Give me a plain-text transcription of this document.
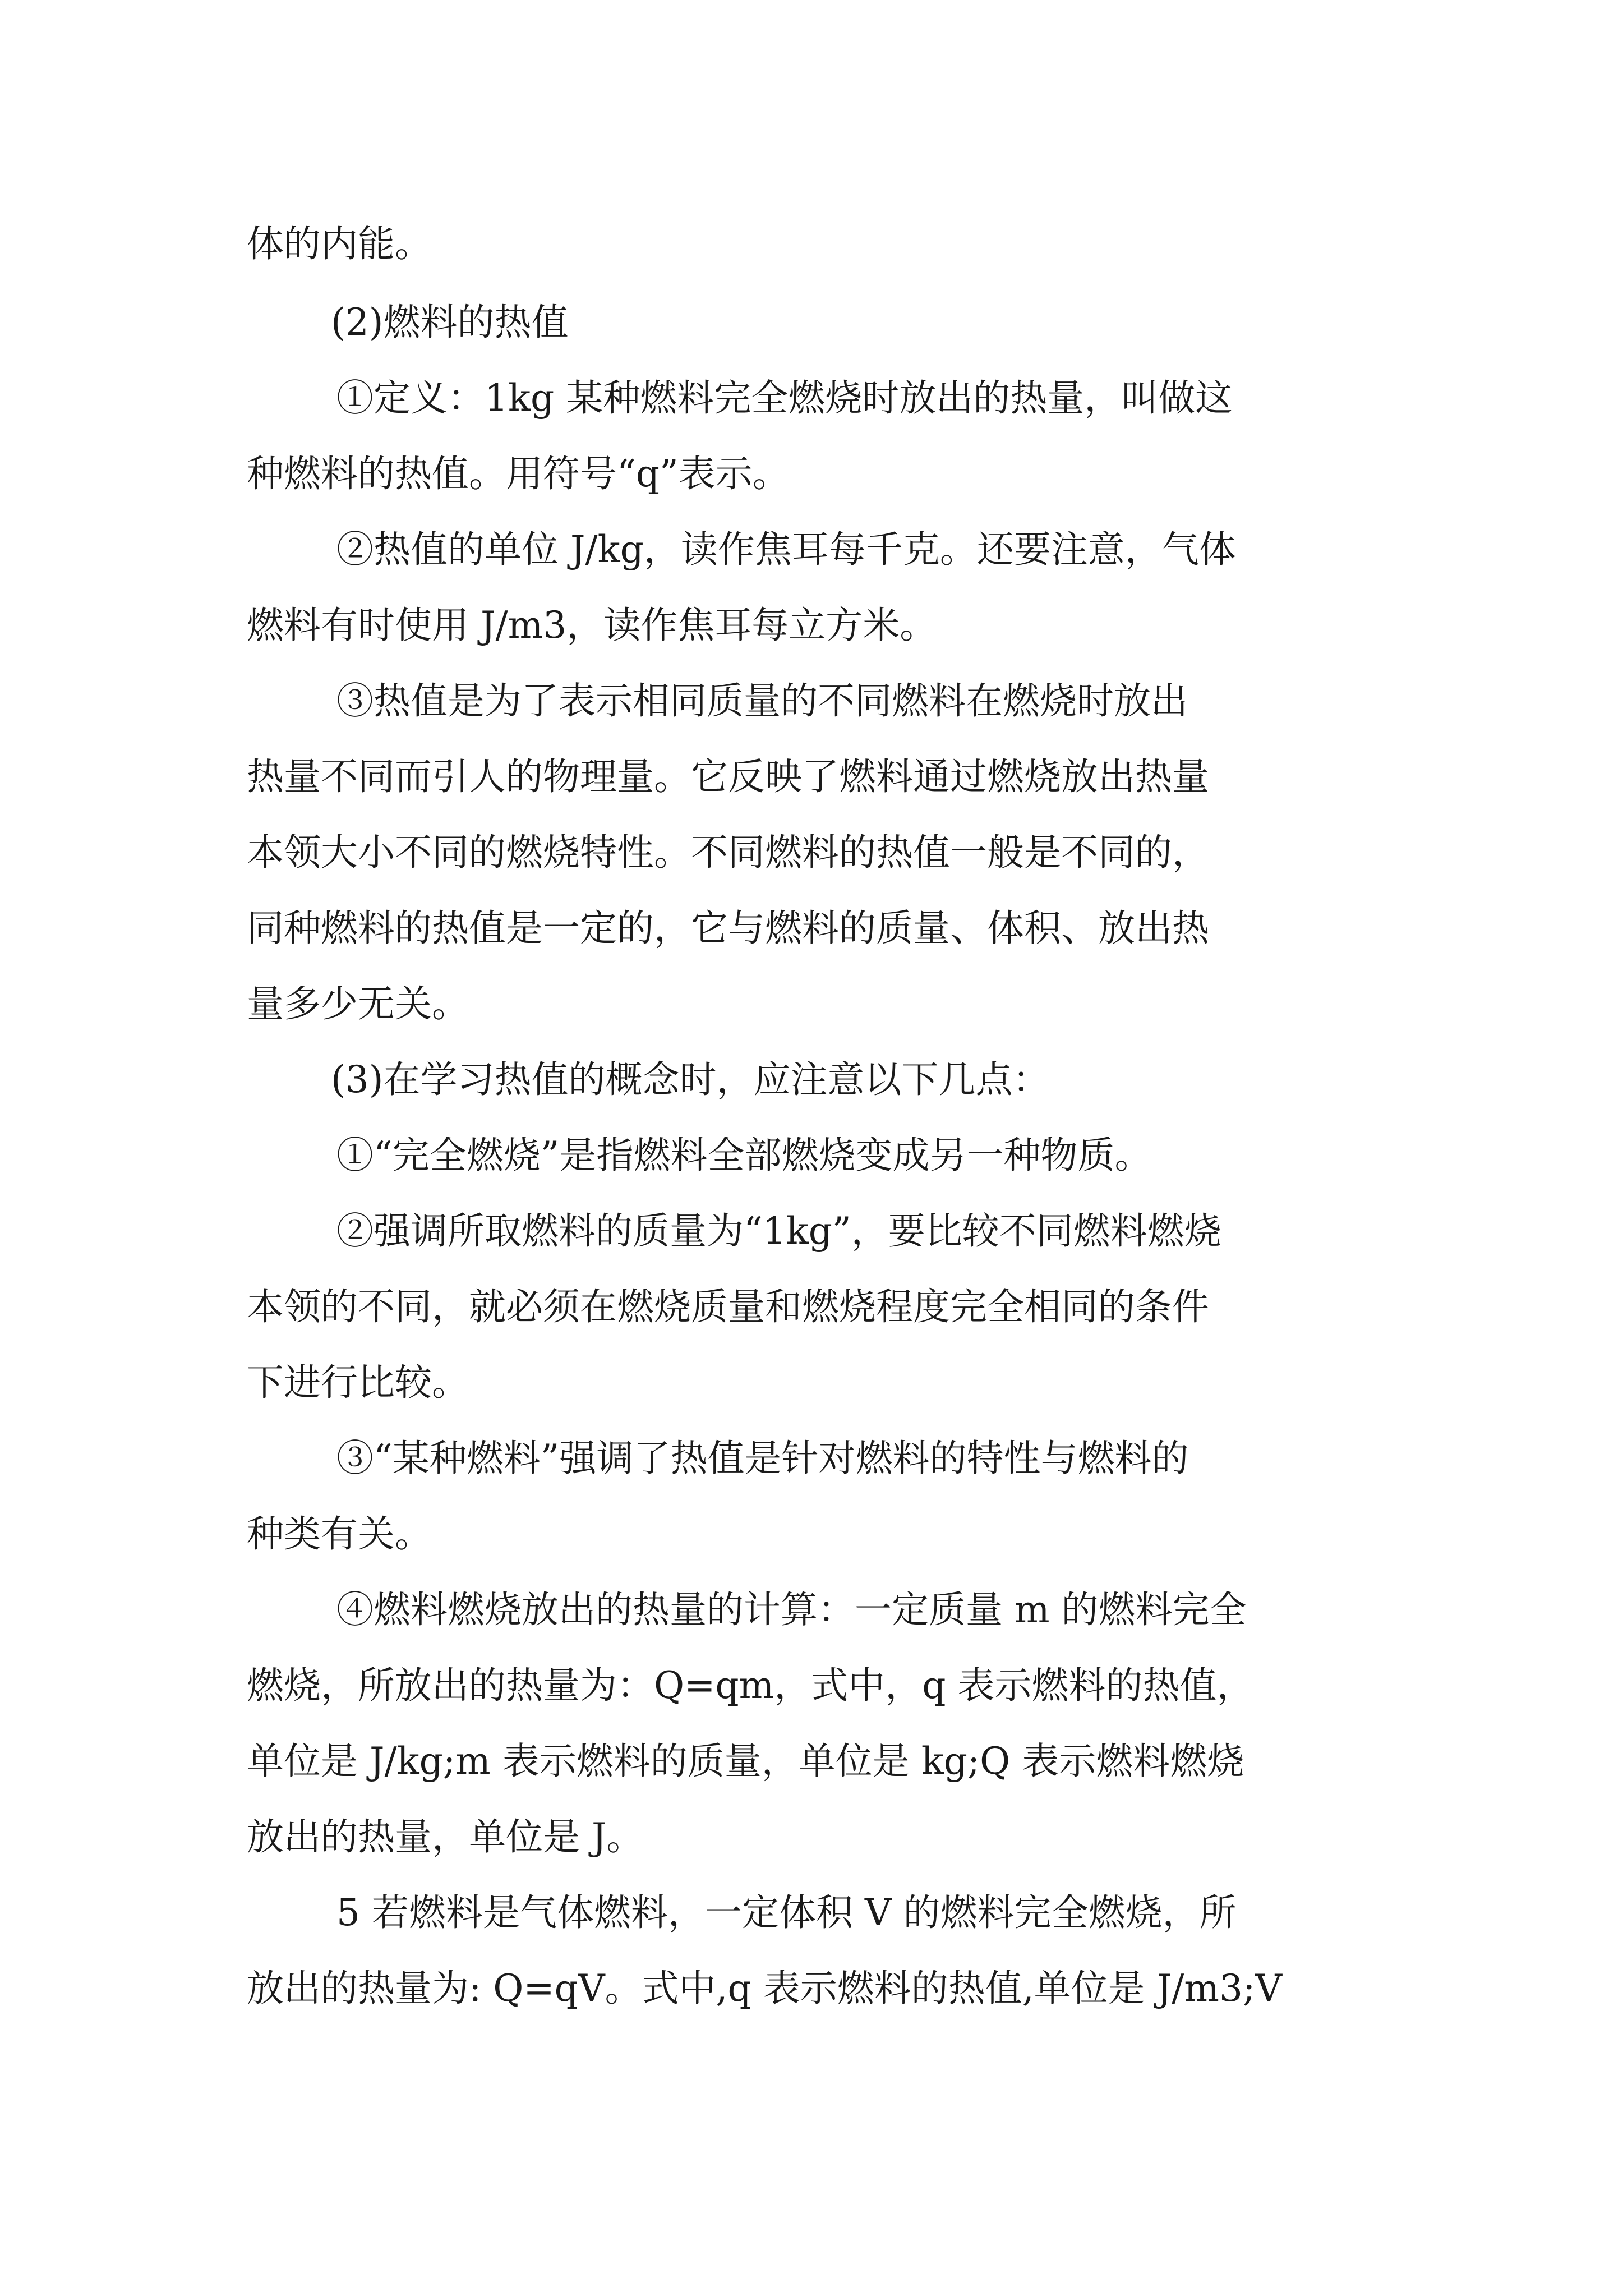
体的内能。
(2)燃料的热值
①定义：1kg 某种燃料完全燃烧时放出的热量，叫做这
种燃料的热值。用符号“q”表示。
②热值的单位 J/kg，读作焦耳每千克。还要注意，气体
燃料有时使用 J/m3，读作焦耳每立方米。
③热值是为了表示相同质量的不同燃料在燃烧时放出
热量不同而引人的物理量。它反映了燃料通过燃烧放出热量
本领大小不同的燃烧特性。不同燃料的热值一般是不同的，
同种燃料的热值是一定的，它与燃料的质量、体积、放出热
量多少无关。
(3)在学习热值的概念时，应注意以下几点：
①“完全燃烧”是指燃料全部燃烧变成另一种物质。
②强调所取燃料的质量为“1kg”，要比较不同燃料燃烧
本领的不同，就必须在燃烧质量和燃烧程度完全相同的条件
下进行比较。
③“某种燃料”强调了热值是针对燃料的特性与燃料的
种类有关。
④燃料燃烧放出的热量的计算：一定质量 m 的燃料完全
燃烧，所放出的热量为：Q=qm，式中，q 表示燃料的热值，
单位是 J/kg;m 表示燃料的质量，单位是 kg;Q 表示燃料燃烧
放出的热量，单位是 J。
5 若燃料是气体燃料，一定体积 V 的燃料完全燃烧，所
放出的热量为: Q=qV。式中,q 表示燃料的热值,单位是 J/m3;V
